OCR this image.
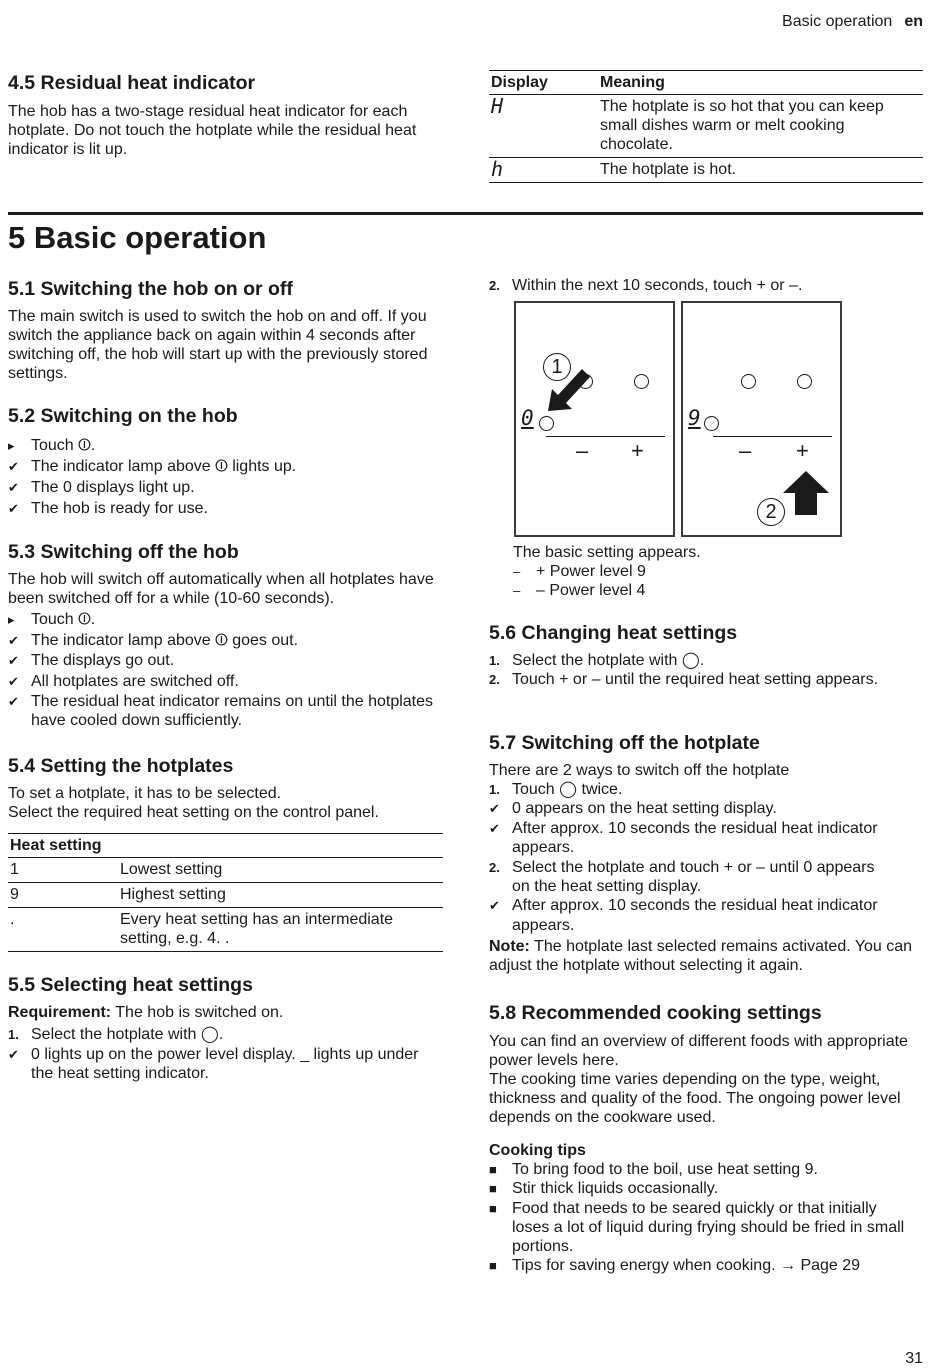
Basic operation en
4.5 Residual heat indicator

The hob has a two-stage residual heat indicator for each hotplate. Do not touch the hotplate while the residual heat indicator is lit up.

Display	Meaning
H	The hotplate is so hot that you can keep small dishes warm or melt cooking chocolate.
h	The hotplate is hot.
5 Basic operation
5.1 Switching the hob on or off

The main switch is used to switch the hob on and off. If you switch the appliance back on again within 4 seconds after switching off, the hob will start up with the previously stored settings.

5.2 Switching on the hob
▸	Touch ⏼.
✔ The indicator lamp above ⏼ lights up.
✔ The 0 displays light up.
✔ The hob is ready for use.
5.3 Switching off the hob

The hob will switch off automatically when all hotplates have been switched off for a while (10-60 seconds).

▸	Touch ⏼.
✔ The indicator lamp above ⏼ goes out.
✔ The displays go out.
✔ All hotplates are switched off.
✔ The residual heat indicator remains on until the hotplates have cooled down sufficiently.
5.4 Setting the hotplates

To set a hotplate, it has to be selected.

Select the required heat setting on the control panel.

Heat setting	
1	Lowest setting
9	Highest setting
.	Every heat setting has an intermediate setting, e.g. 4. .
5.5 Selecting heat settings

Requirement: The hob is switched on.

1. Select the hotplate with ◯.
✔ 0 lights up on the power level display. _ lights up under the heat setting indicator.
2. Within the next 10 seconds, touch + or –.
0
– +
1
9
– +
2

The basic setting appears.

– + Power level 9
– – Power level 4
5.6 Changing heat settings
1. Select the hotplate with ◯.
2. Touch + or – until the required heat setting appears.
5.7 Switching off the hotplate

There are 2 ways to switch off the hotplate

1. Touch ◯ twice.
✔ 0 appears on the heat setting display.
✔ After approx. 10 seconds the residual heat indicator appears.
2. Select the hotplate and touch + or – until 0 appears on the heat setting display.
✔ After approx. 10 seconds the residual heat indicator appears.

Note: The hotplate last selected remains activated. You can adjust the hotplate without selecting it again.

5.8 Recommended cooking settings

You can find an overview of different foods with appropriate power levels here.

The cooking time varies depending on the type, weight, thickness and quality of the food. The ongoing power level depends on the cookware used.

Cooking tips

■ To bring food to the boil, use heat setting 9.
■ Stir thick liquids occasionally.
■ Food that needs to be seared quickly or that initially loses a lot of liquid during frying should be fried in small portions.
■ Tips for saving energy when cooking. → Page 29
31
